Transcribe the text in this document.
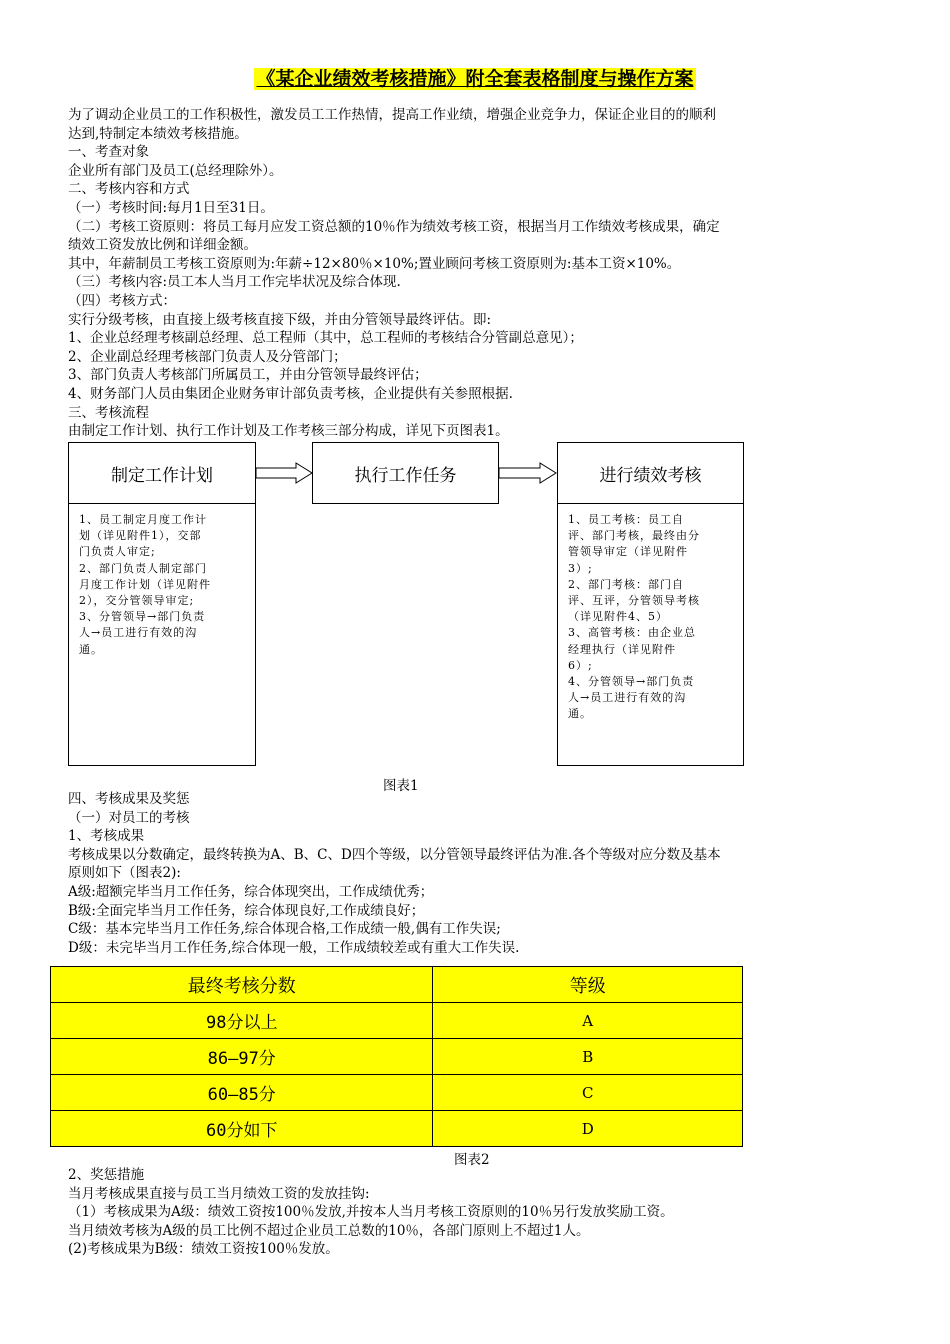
《某企业绩效考核措施》附全套表格制度与操作方案
为了调动企业员工的工作积极性，激发员工工作热情，提高工作业绩，增强企业竞争力，保证企业目的的顺利
达到,特制定本绩效考核措施。
一、考查对象
企业所有部门及员工(总经理除外）。
二、考核内容和方式
（一）考核时间:每月1日至31日。
（二）考核工资原则：将员工每月应发工资总额的10％作为绩效考核工资，根据当月工作绩效考核成果，确定
绩效工资发放比例和详细金额。
其中，年薪制员工考核工资原则为:年薪÷12×80％×10%;置业顾问考核工资原则为:基本工资×10%。
（三）考核内容:员工本人当月工作完毕状况及综合体现.
（四）考核方式：
实行分级考核，由直接上级考核直接下级，并由分管领导最终评估。即:
1、企业总经理考核副总经理、总工程师（其中，总工程师的考核结合分管副总意见）；
2、企业副总经理考核部门负责人及分管部门；
3、部门负责人考核部门所属员工，并由分管领导最终评估；
4、财务部门人员由集团企业财务审计部负责考核，企业提供有关参照根据.
三、考核流程
由制定工作计划、执行工作计划及工作考核三部分构成，详见下页图表1。
制定工作计划
1、员工制定月度工作计
划（详见附件1），交部
门负责人审定;
2、部门负责人制定部门
月度工作计划（详见附件
2），交分管领导审定;
3、分管领导→部门负责
人→员工进行有效的沟
通。
执行工作任务	进行绩效考核
1、员工考核：员工自
评、部门考核，最终由分
管领导审定（详见附件
3）;
2、部门考核：部门自
评、互评，分管领导考核
（详见附件4、5）
3、高管考核：由企业总
经理执行（详见附件
6）;
4、分管领导→部门负责
人→员工进行有效的沟
通。
图表1
四、考核成果及奖惩
（一）对员工的考核
1、考核成果
考核成果以分数确定，最终转换为A、B、C、D四个等级，以分管领导最终评估为准.各个等级对应分数及基本
原则如下（图表2):
A级:超额完毕当月工作任务，综合体现突出，工作成绩优秀；
B级:全面完毕当月工作任务，综合体现良好,工作成绩良好；
C级：基本完毕当月工作任务,综合体现合格,工作成绩一般,偶有工作失误;
D级：未完毕当月工作任务,综合体现一般，工作成绩较差或有重大工作失误.
最终考核分数	等级
98分以上	A
86—97分	B
60—85分	C
60分如下	D
图表2
2、奖惩措施
当月考核成果直接与员工当月绩效工资的发放挂钩:
（1）考核成果为A级：绩效工资按100％发放,并按本人当月考核工资原则的10％另行发放奖励工资。
当月绩效考核为A级的员工比例不超过企业员工总数的10％，各部门原则上不超过1人。
(2)考核成果为B级：绩效工资按100％发放。
